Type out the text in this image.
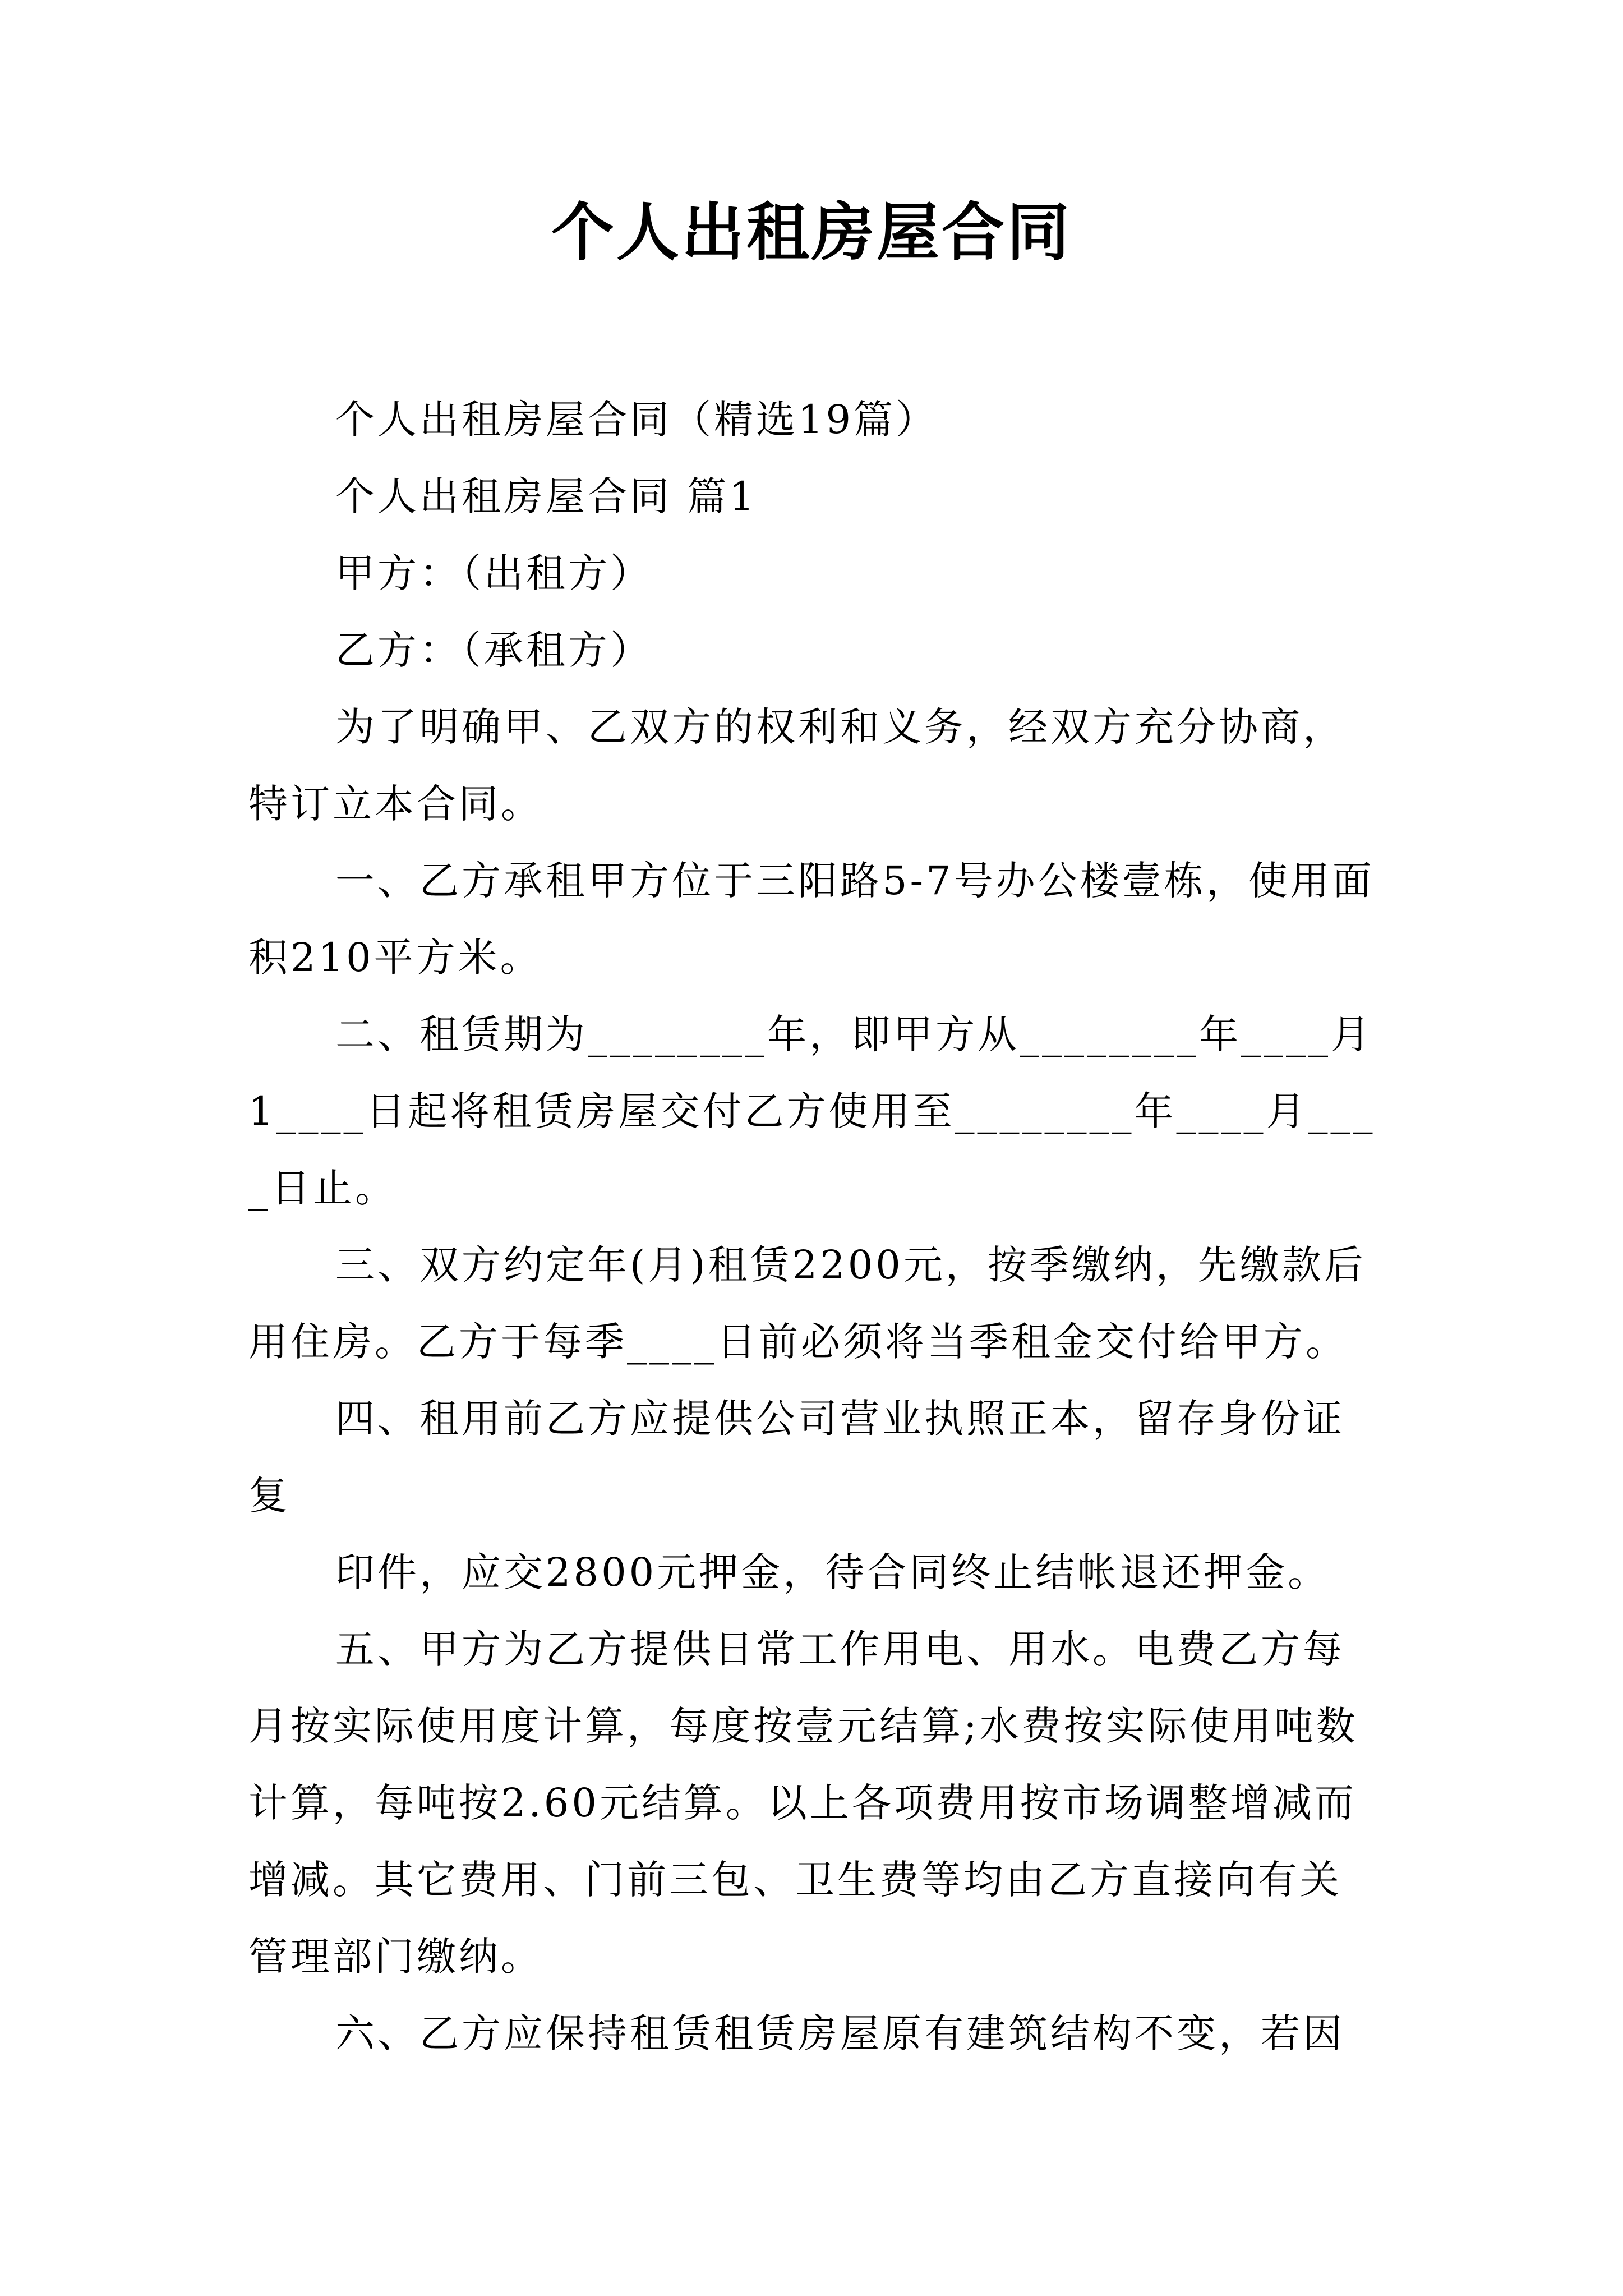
个人出租房屋合同

个人出租房屋合同（精选19篇）

个人出租房屋合同 篇1

甲方：（出租方）

乙方：（承租方）

为了明确甲、乙双方的权利和义务，经双方充分协商，特订立本合同。

一、乙方承租甲方位于三阳路5-7号办公楼壹栋，使用面积210平方米。

二、租赁期为________年，即甲方从________年____月1____日起将租赁房屋交付乙方使用至________年____月____日止。

三、双方约定年(月)租赁2200元，按季缴纳，先缴款后用住房。乙方于每季____日前必须将当季租金交付给甲方。

四、租用前乙方应提供公司营业执照正本，留存身份证复

印件，应交2800元押金，待合同终止结帐退还押金。

五、甲方为乙方提供日常工作用电、用水。电费乙方每月按实际使用度计算，每度按壹元结算;水费按实际使用吨数计算，每吨按2.60元结算。以上各项费用按市场调整增减而增减。其它费用、门前三包、卫生费等均由乙方直接向有关管理部门缴纳。

六、乙方应保持租赁租赁房屋原有建筑结构不变，若因
